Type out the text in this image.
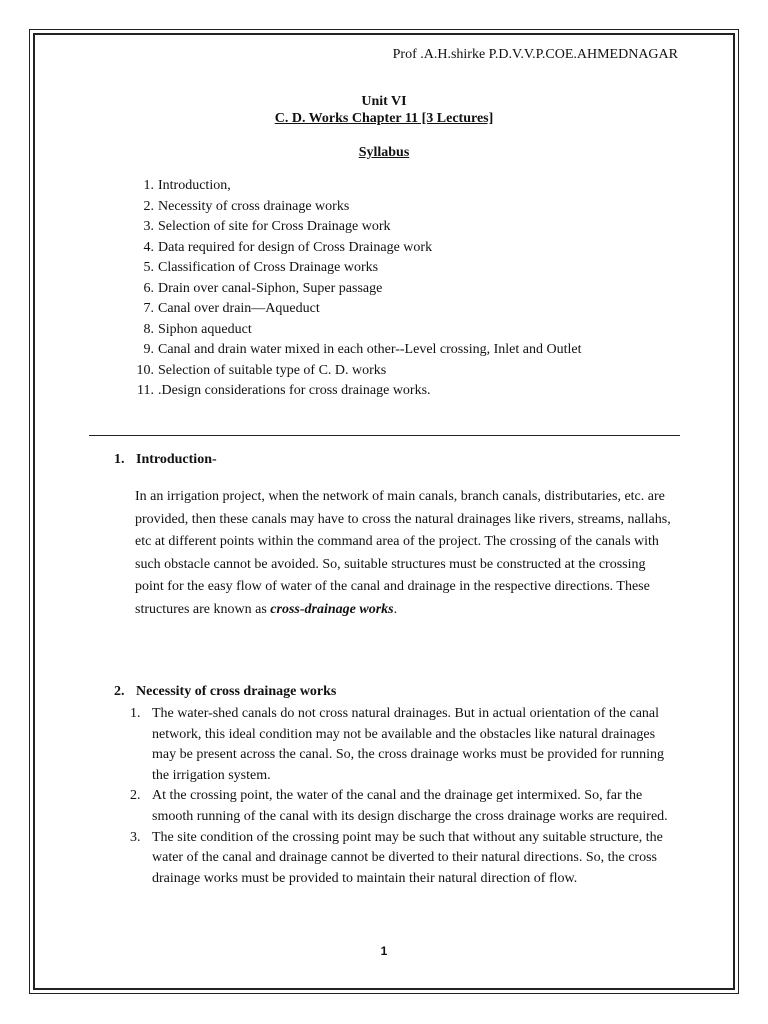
Prof .A.H.shirke P.D.V.V.P.COE.AHMEDNAGAR
Unit VI
C. D. Works Chapter 11 [3 Lectures]
Syllabus
1. Introduction,
2. Necessity of cross drainage works
3. Selection of site for Cross Drainage work
4. Data required for design of Cross Drainage work
5. Classification of Cross Drainage works
6. Drain over canal-Siphon, Super passage
7. Canal over drain—Aqueduct
8. Siphon aqueduct
9. Canal and drain water mixed in each other--Level crossing, Inlet and Outlet
10. Selection of suitable type of C. D. works
11. .Design considerations for cross drainage works.
1. Introduction-

In an irrigation project, when the network of main canals, branch canals, distributaries, etc. are provided, then these canals may have to cross the natural drainages like rivers, streams, nallahs, etc at different points within the command area of the project. The crossing of the canals with such obstacle cannot be avoided. So, suitable structures must be constructed at the crossing point for the easy flow of water of the canal and drainage in the respective directions. These structures are known as cross-drainage works.

2. Necessity of cross drainage works
1. The water-shed canals do not cross natural drainages. But in actual orientation of the canal network, this ideal condition may not be available and the obstacles like natural drainages may be present across the canal. So, the cross drainage works must be provided for running the irrigation system.
2. At the crossing point, the water of the canal and the drainage get intermixed. So, far the smooth running of the canal with its design discharge the cross drainage works are required.
3. The site condition of the crossing point may be such that without any suitable structure, the water of the canal and drainage cannot be diverted to their natural directions. So, the cross drainage works must be provided to maintain their natural direction of flow.
1
